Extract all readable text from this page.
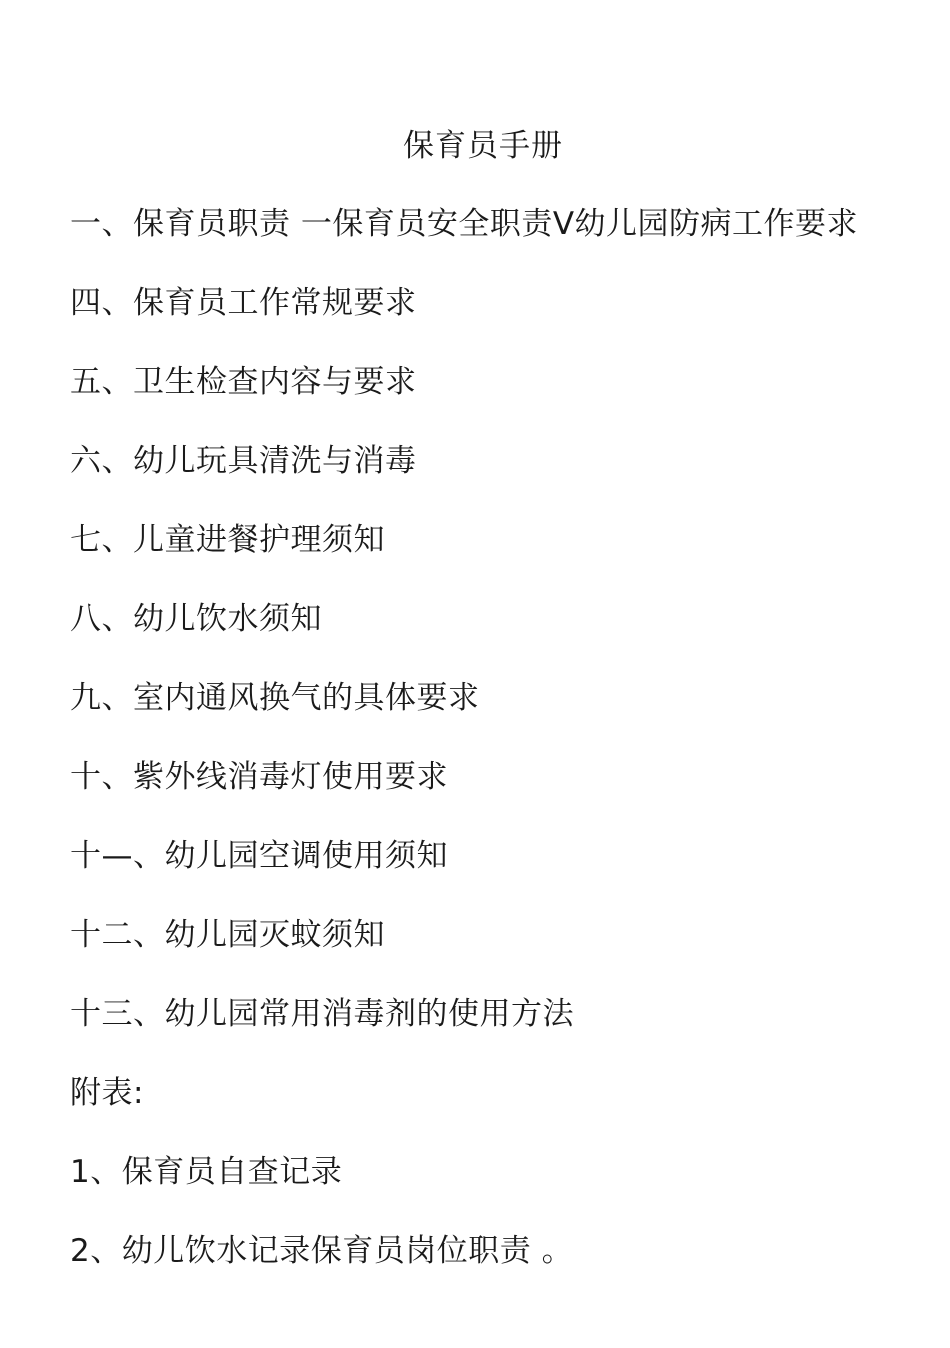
保育员手册
一、保育员职责 一保育员安全职责Ⅴ幼儿园防病工作要求
四、保育员工作常规要求
五、卫生检查内容与要求
六、幼儿玩具清洗与消毒
七、儿童进餐护理须知
八、幼儿饮水须知
九、室内通风换气的具体要求
十、紫外线消毒灯使用要求
十—、幼儿园空调使用须知
十二、幼儿园灭蚊须知
十三、幼儿园常用消毒剂的使用方法
附表:
1、保育员自查记录
2、幼儿饮水记录保育员岗位职责 。
